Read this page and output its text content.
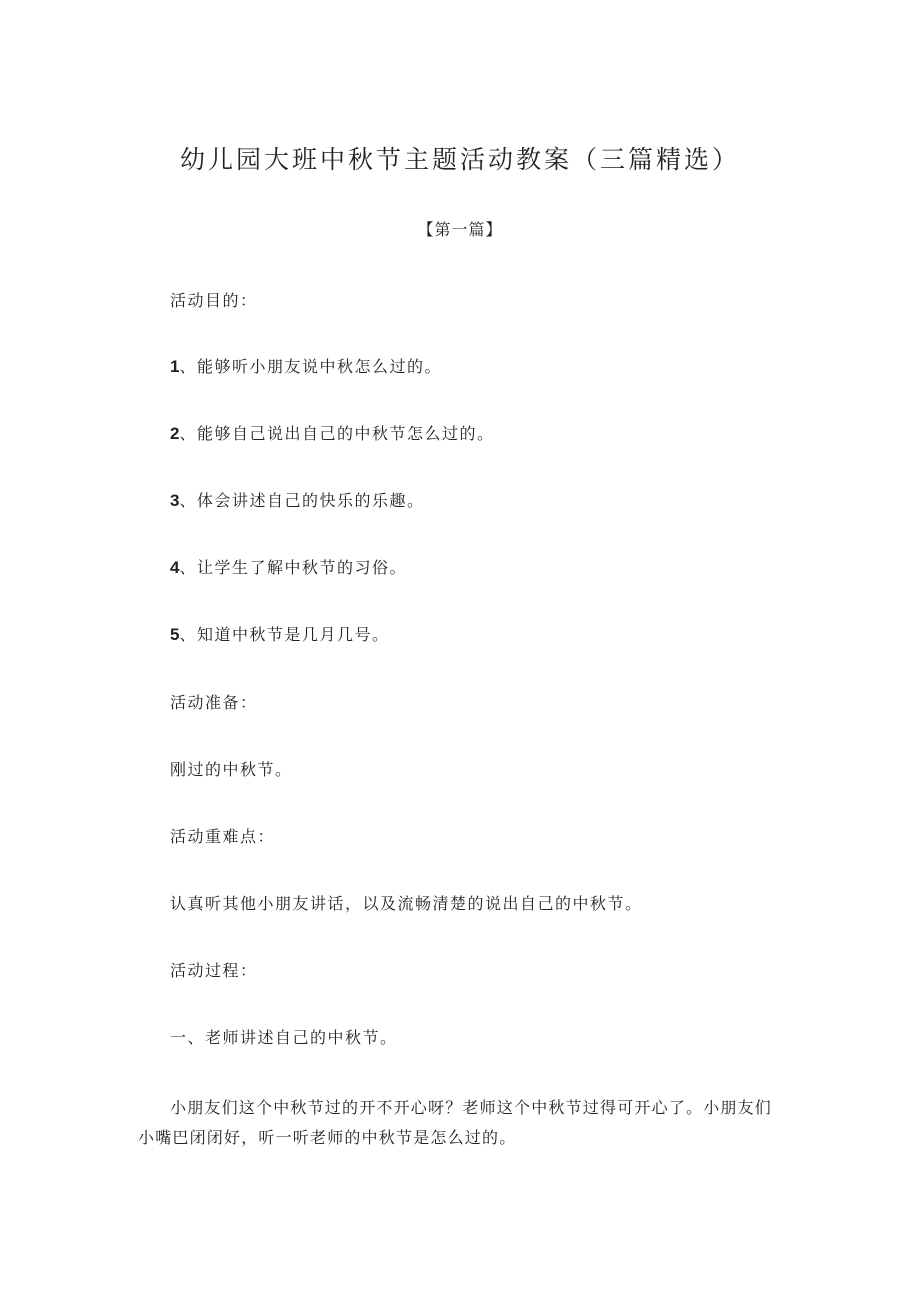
幼儿园大班中秋节主题活动教案（三篇精选）
【第一篇】
活动目的：
1、能够听小朋友说中秋怎么过的。
2、能够自己说出自己的中秋节怎么过的。
3、体会讲述自己的快乐的乐趣。
4、让学生了解中秋节的习俗。
5、知道中秋节是几月几号。
活动准备：
刚过的中秋节。
活动重难点：
认真听其他小朋友讲话，以及流畅清楚的说出自己的中秋节。
活动过程：
一、老师讲述自己的中秋节。
小朋友们这个中秋节过的开不开心呀？老师这个中秋节过得可开心了。小朋友们小嘴巴闭闭好，听一听老师的中秋节是怎么过的。
